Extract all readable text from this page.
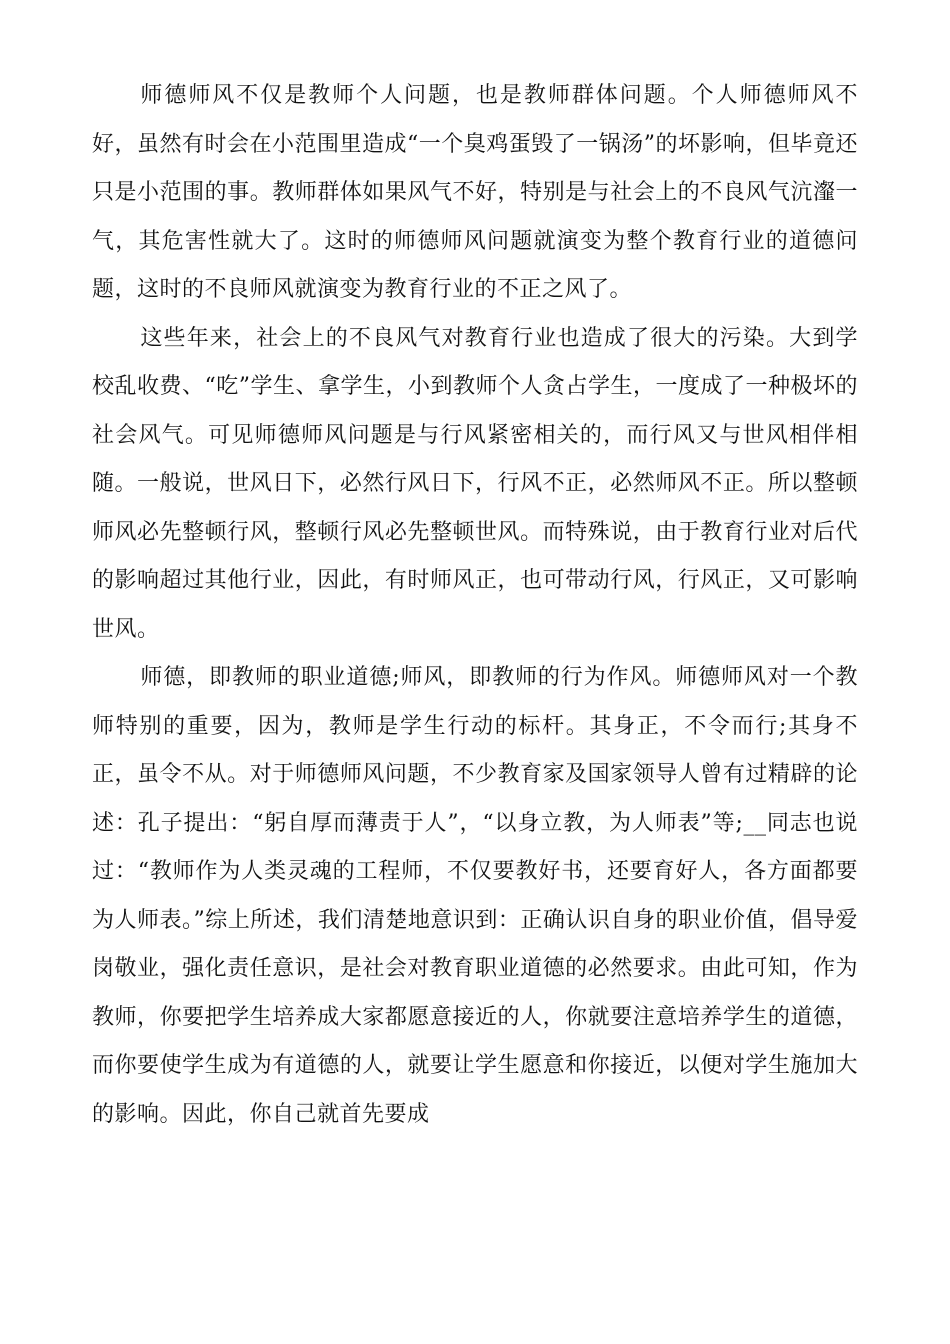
师德师风不仅是教师个人问题，也是教师群体问题。个人师德师风不好，虽然有时会在小范围里造成“一个臭鸡蛋毁了一锅汤”的坏影响，但毕竟还只是小范围的事。教师群体如果风气不好，特别是与社会上的不良风气沆瀣一气，其危害性就大了。这时的师德师风问题就演变为整个教育行业的道德问题，这时的不良师风就演变为教育行业的不正之风了。

这些年来，社会上的不良风气对教育行业也造成了很大的污染。大到学校乱收费、“吃”学生、拿学生，小到教师个人贪占学生，一度成了一种极坏的社会风气。可见师德师风问题是与行风紧密相关的，而行风又与世风相伴相随。一般说，世风日下，必然行风日下，行风不正，必然师风不正。所以整顿师风必先整顿行风，整顿行风必先整顿世风。而特殊说，由于教育行业对后代的影响超过其他行业，因此，有时师风正，也可带动行风，行风正，又可影响世风。

师德，即教师的职业道德;师风，即教师的行为作风。师德师风对一个教师特别的重要，因为，教师是学生行动的标杆。其身正，不令而行;其身不正，虽令不从。对于师德师风问题，不少教育家及国家领导人曾有过精辟的论述：孔子提出：“躬自厚而薄责于人”，“以身立教，为人师表”等;__同志也说过：“教师作为人类灵魂的工程师，不仅要教好书，还要育好人，各方面都要为人师表。”综上所述，我们清楚地意识到：正确认识自身的职业价值，倡导爱岗敬业，强化责任意识，是社会对教育职业道德的必然要求。由此可知，作为教师，你要把学生培养成大家都愿意接近的人，你就要注意培养学生的道德，而你要使学生成为有道德的人，就要让学生愿意和你接近，以便对学生施加大的影响。因此，你自己就首先要成
